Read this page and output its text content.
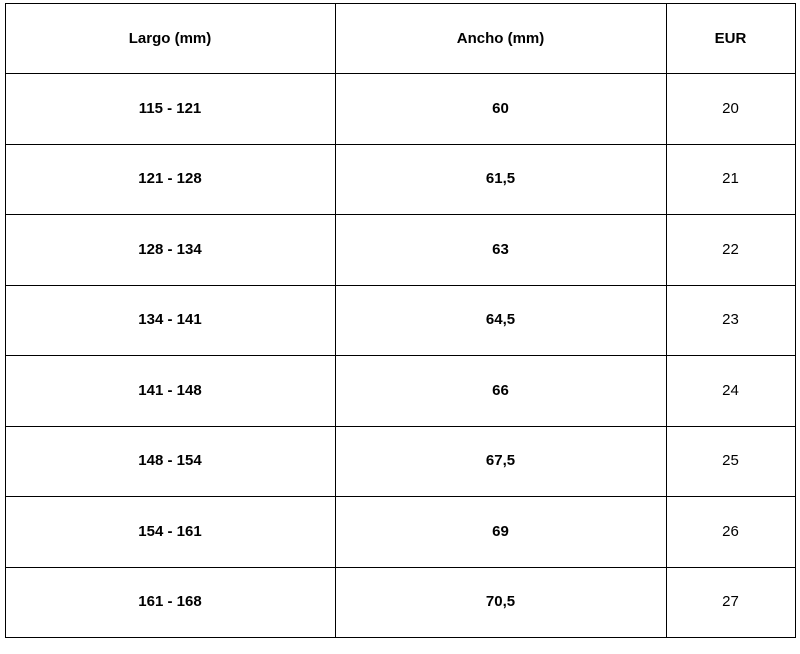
Largo (mm)	Ancho (mm)	EUR
115 - 121	60	20
121 - 128	61,5	21
128 - 134	63	22
134 - 141	64,5	23
141 - 148	66	24
148 - 154	67,5	25
154 - 161	69	26
161 - 168	70,5	27
